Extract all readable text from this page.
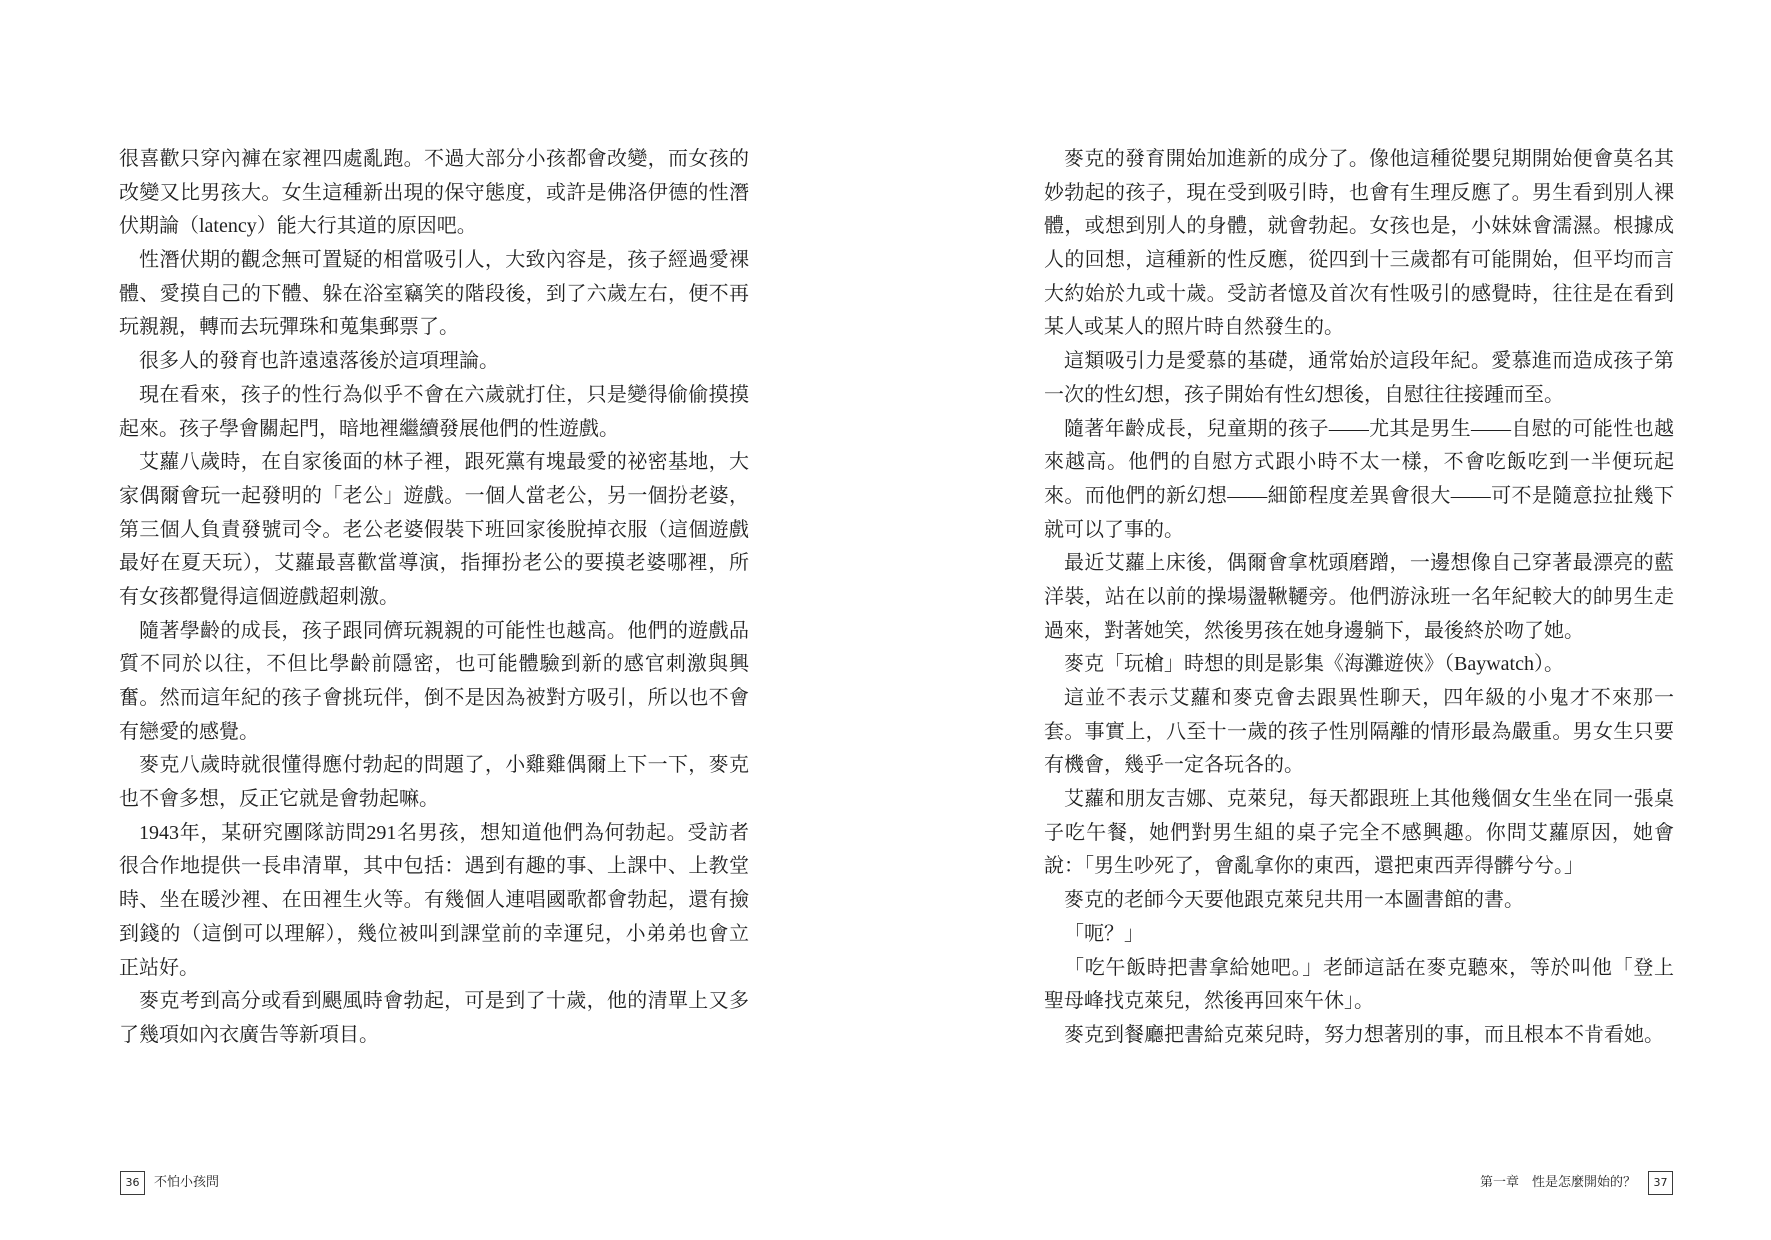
很喜歡只穿內褲在家裡四處亂跑。不過大部分小孩都會改變，而女孩的
改變又比男孩大。女生這種新出現的保守態度，或許是佛洛伊德的性潛
伏期論（latency）能大行其道的原因吧。
性潛伏期的觀念無可置疑的相當吸引人，大致內容是，孩子經過愛裸
體、愛摸自己的下體、躲在浴室竊笑的階段後，到了六歲左右，便不再
玩親親，轉而去玩彈珠和蒐集郵票了。
很多人的發育也許遠遠落後於這項理論。
現在看來，孩子的性行為似乎不會在六歲就打住，只是變得偷偷摸摸
起來。孩子學會關起門，暗地裡繼續發展他們的性遊戲。
艾蘿八歲時，在自家後面的林子裡，跟死黨有塊最愛的祕密基地，大
家偶爾會玩一起發明的「老公」遊戲。一個人當老公，另一個扮老婆，
第三個人負責發號司令。老公老婆假裝下班回家後脫掉衣服（這個遊戲
最好在夏天玩），艾蘿最喜歡當導演，指揮扮老公的要摸老婆哪裡，所
有女孩都覺得這個遊戲超刺激。
隨著學齡的成長，孩子跟同儕玩親親的可能性也越高。他們的遊戲品
質不同於以往，不但比學齡前隱密，也可能體驗到新的感官刺激與興
奮。然而這年紀的孩子會挑玩伴，倒不是因為被對方吸引，所以也不會
有戀愛的感覺。
麥克八歲時就很懂得應付勃起的問題了，小雞雞偶爾上下一下，麥克
也不會多想，反正它就是會勃起嘛。
1943年，某研究團隊訪問291名男孩，想知道他們為何勃起。受訪者
很合作地提供一長串清單，其中包括：遇到有趣的事、上課中、上教堂
時、坐在暖沙裡、在田裡生火等。有幾個人連唱國歌都會勃起，還有撿
到錢的（這倒可以理解），幾位被叫到課堂前的幸運兒，小弟弟也會立
正站好。
麥克考到高分或看到颶風時會勃起，可是到了十歲，他的清單上又多
了幾項如內衣廣告等新項目。
36	不怕小孩問
麥克的發育開始加進新的成分了。像他這種從嬰兒期開始便會莫名其
妙勃起的孩子，現在受到吸引時，也會有生理反應了。男生看到別人裸
體，或想到別人的身體，就會勃起。女孩也是，小妹妹會濡濕。根據成
人的回想，這種新的性反應，從四到十三歲都有可能開始，但平均而言
大約始於九或十歲。受訪者憶及首次有性吸引的感覺時，往往是在看到
某人或某人的照片時自然發生的。
這類吸引力是愛慕的基礎，通常始於這段年紀。愛慕進而造成孩子第
一次的性幻想，孩子開始有性幻想後，自慰往往接踵而至。
隨著年齡成長，兒童期的孩子——尤其是男生——自慰的可能性也越
來越高。他們的自慰方式跟小時不太一樣，不會吃飯吃到一半便玩起
來。而他們的新幻想——細節程度差異會很大——可不是隨意拉扯幾下
就可以了事的。
最近艾蘿上床後，偶爾會拿枕頭磨蹭，一邊想像自己穿著最漂亮的藍
洋裝，站在以前的操場盪鞦韆旁。他們游泳班一名年紀較大的帥男生走
過來，對著她笑，然後男孩在她身邊躺下，最後終於吻了她。
麥克「玩槍」時想的則是影集《海灘遊俠》（Baywatch）。
這並不表示艾蘿和麥克會去跟異性聊天，四年級的小鬼才不來那一
套。事實上，八至十一歲的孩子性別隔離的情形最為嚴重。男女生只要
有機會，幾乎一定各玩各的。
艾蘿和朋友吉娜、克萊兒，每天都跟班上其他幾個女生坐在同一張桌
子吃午餐，她們對男生組的桌子完全不感興趣。你問艾蘿原因，她會
說：「男生吵死了，會亂拿你的東西，還把東西弄得髒兮兮。」
麥克的老師今天要他跟克萊兒共用一本圖書館的書。
「呃？」
「吃午飯時把書拿給她吧。」老師這話在麥克聽來，等於叫他「登上
聖母峰找克萊兒，然後再回來午休」。
麥克到餐廳把書給克萊兒時，努力想著別的事，而且根本不肯看她。
第一章　性是怎麼開始的？	37
